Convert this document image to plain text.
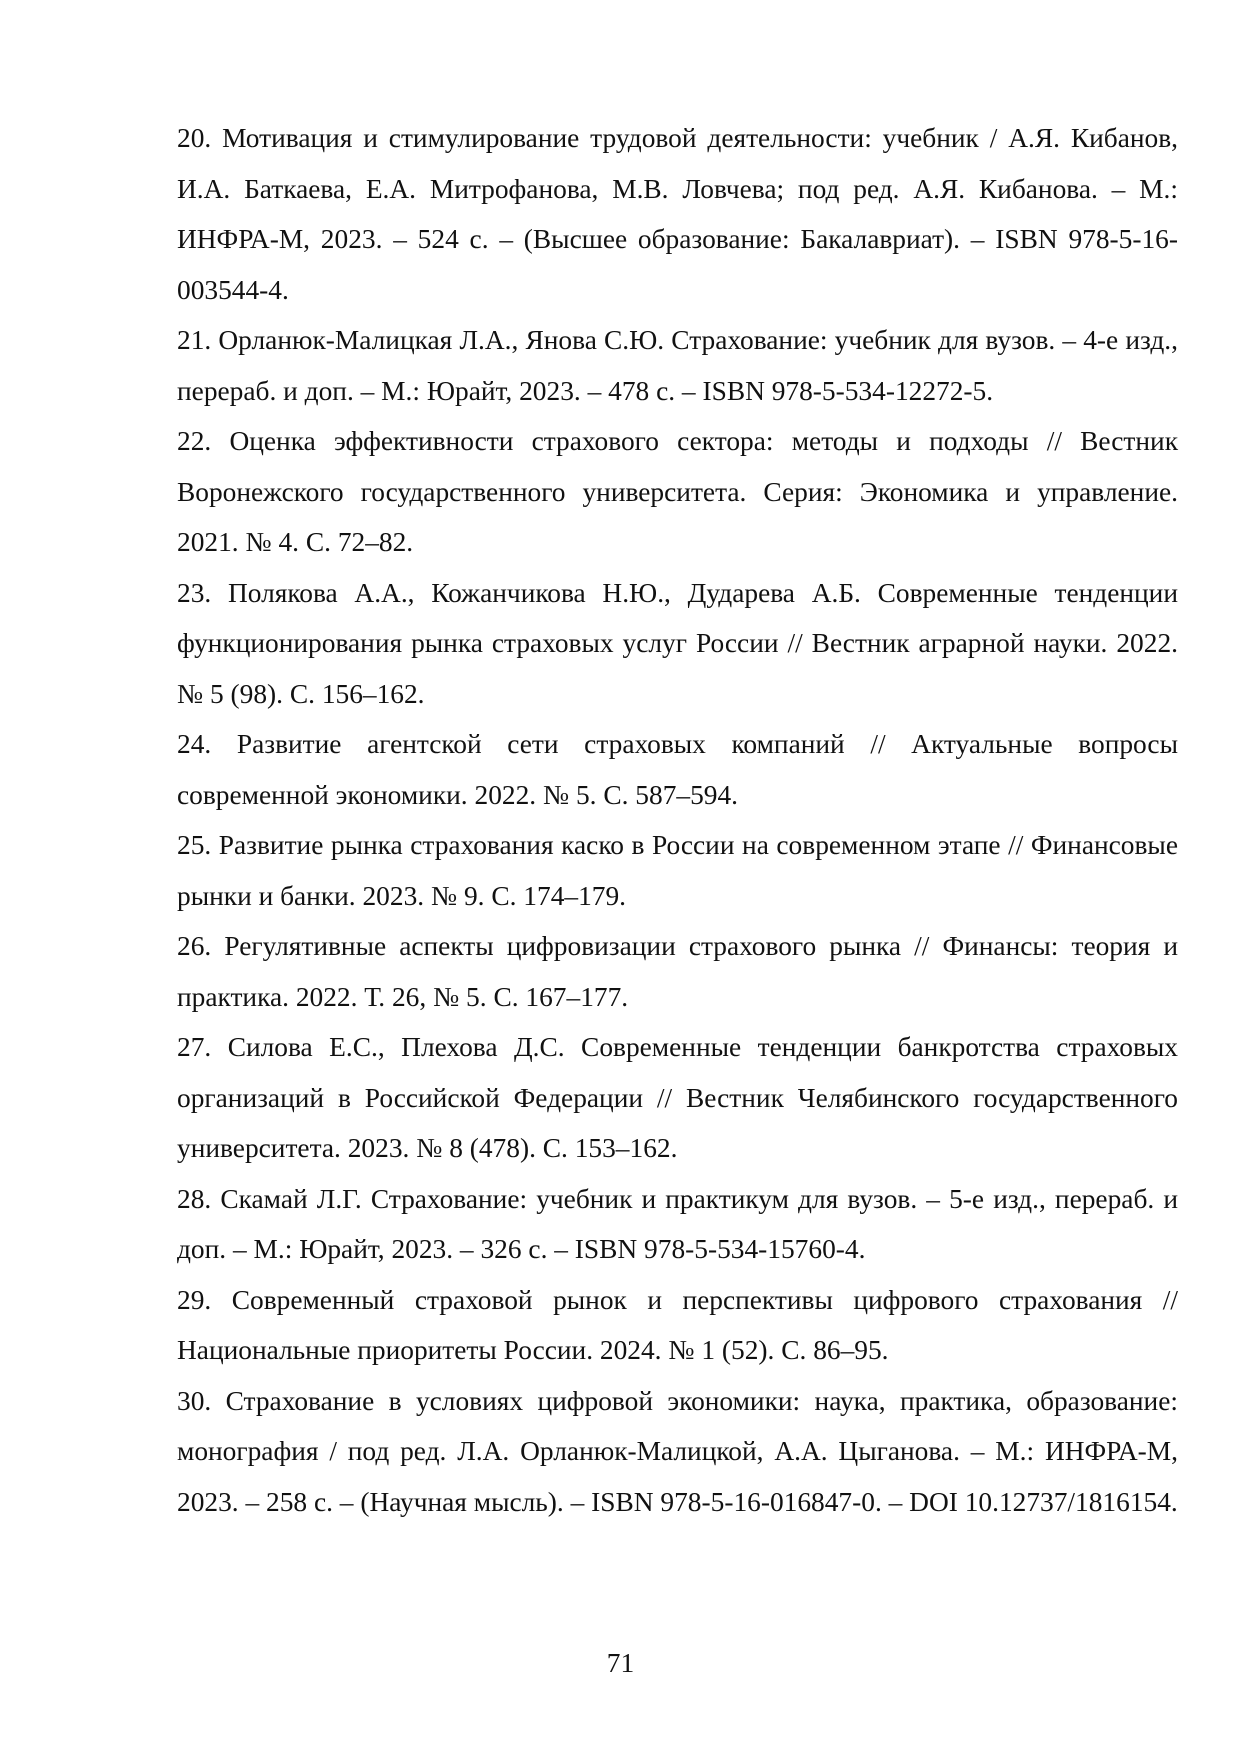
20. Мотивация и стимулирование трудовой деятельности: учебник / А.Я. Кибанов, И.А. Баткаева, Е.А. Митрофанова, М.В. Ловчева; под ред. А.Я. Кибанова. – М.: ИНФРА-М, 2023. – 524 с. – (Высшее образование: Бакалавриат). – ISBN 978-5-16-003544-4.
21. Орланюк-Малицкая Л.А., Янова С.Ю. Страхование: учебник для вузов. – 4-е изд., перераб. и доп. – М.: Юрайт, 2023. – 478 с. – ISBN 978-5-534-12272-5.
22. Оценка эффективности страхового сектора: методы и подходы // Вестник Воронежского государственного университета. Серия: Экономика и управление. 2021. № 4. С. 72–82.
23. Полякова А.А., Кожанчикова Н.Ю., Дударева А.Б. Современные тенденции функционирования рынка страховых услуг России // Вестник аграрной науки. 2022. № 5 (98). С. 156–162.
24. Развитие агентской сети страховых компаний // Актуальные вопросы современной экономики. 2022. № 5. С. 587–594.
25. Развитие рынка страхования каско в России на современном этапе // Финансовые рынки и банки. 2023. № 9. С. 174–179.
26. Регулятивные аспекты цифровизации страхового рынка // Финансы: теория и практика. 2022. Т. 26, № 5. С. 167–177.
27. Силова Е.С., Плехова Д.С. Современные тенденции банкротства страховых организаций в Российской Федерации // Вестник Челябинского государственного университета. 2023. № 8 (478). С. 153–162.
28. Скамай Л.Г. Страхование: учебник и практикум для вузов. – 5-е изд., перераб. и доп. – М.: Юрайт, 2023. – 326 с. – ISBN 978-5-534-15760-4.
29. Современный страховой рынок и перспективы цифрового страхования // Национальные приоритеты России. 2024. № 1 (52). С. 86–95.
30. Страхование в условиях цифровой экономики: наука, практика, образование: монография / под ред. Л.А. Орланюк-Малицкой, А.А. Цыганова. – М.: ИНФРА-М, 2023. – 258 с. – (Научная мысль). – ISBN 978-5-16-016847-0. – DOI 10.12737/1816154.
71
